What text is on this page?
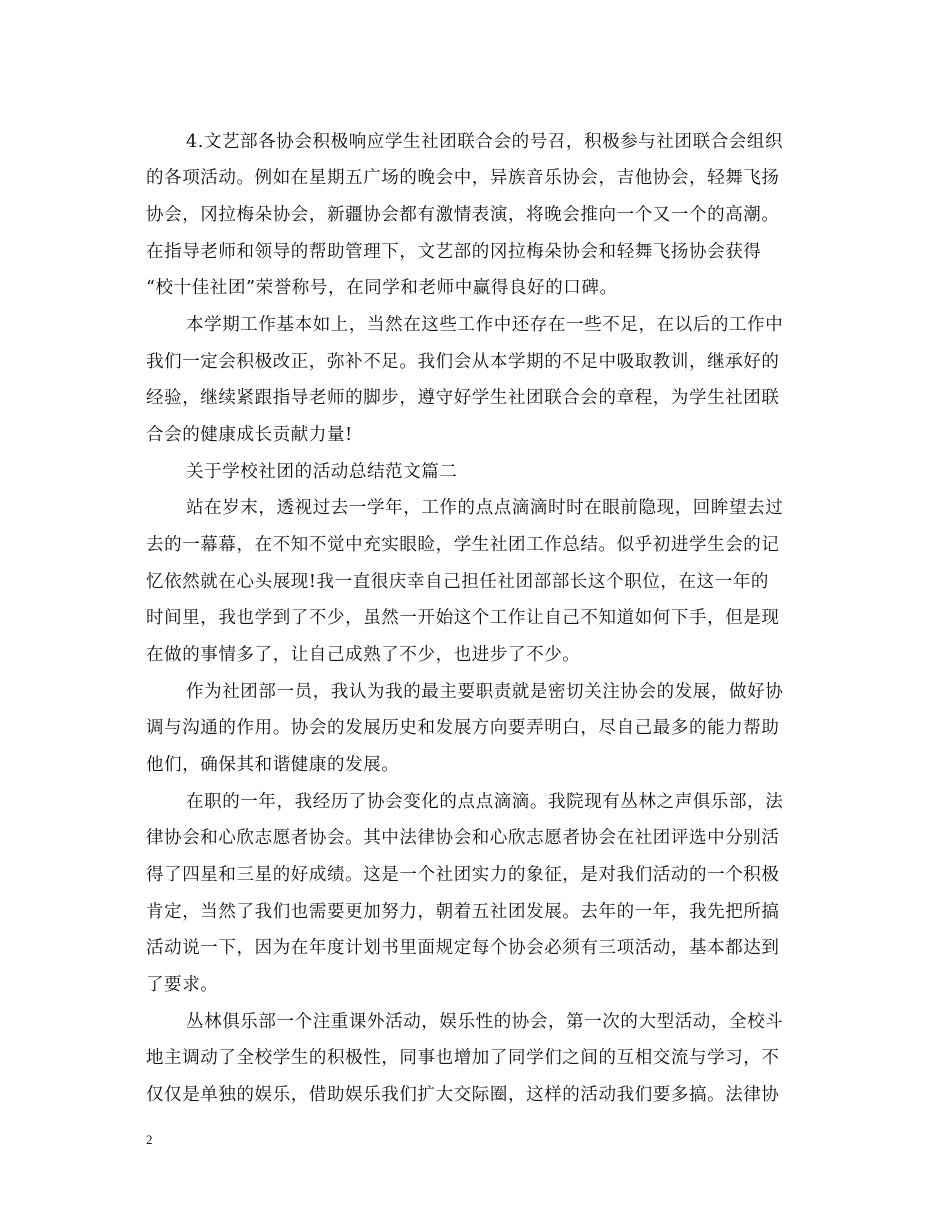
4.文艺部各协会积极响应学生社团联合会的号召，积极参与社团联合会组织
的各项活动。例如在星期五广场的晚会中，异族音乐协会，吉他协会，轻舞飞扬
协会，冈拉梅朵协会，新疆协会都有激情表演，将晚会推向一个又一个的高潮。
在指导老师和领导的帮助管理下，文艺部的冈拉梅朵协会和轻舞飞扬协会获得
“校十佳社团”荣誉称号，在同学和老师中赢得良好的口碑。
本学期工作基本如上，当然在这些工作中还存在一些不足，在以后的工作中
我们一定会积极改正，弥补不足。我们会从本学期的不足中吸取教训，继承好的
经验，继续紧跟指导老师的脚步，遵守好学生社团联合会的章程，为学生社团联
合会的健康成长贡献力量!
关于学校社团的活动总结范文篇二
站在岁末，透视过去一学年，工作的点点滴滴时时在眼前隐现，回眸望去过
去的一幕幕，在不知不觉中充实眼睑，学生社团工作总结。似乎初进学生会的记
忆依然就在心头展现!我一直很庆幸自己担任社团部部长这个职位，在这一年的
时间里，我也学到了不少，虽然一开始这个工作让自己不知道如何下手，但是现
在做的事情多了，让自己成熟了不少，也进步了不少。
作为社团部一员，我认为我的最主要职责就是密切关注协会的发展，做好协
调与沟通的作用。协会的发展历史和发展方向要弄明白，尽自己最多的能力帮助
他们，确保其和谐健康的发展。
在职的一年，我经历了协会变化的点点滴滴。我院现有丛林之声俱乐部，法
律协会和心欣志愿者协会。其中法律协会和心欣志愿者协会在社团评选中分别活
得了四星和三星的好成绩。这是一个社团实力的象征，是对我们活动的一个积极
肯定，当然了我们也需要更加努力，朝着五社团发展。去年的一年，我先把所搞
活动说一下，因为在年度计划书里面规定每个协会必须有三项活动，基本都达到
了要求。
丛林俱乐部一个注重课外活动，娱乐性的协会，第一次的大型活动，全校斗
地主调动了全校学生的积极性，同事也增加了同学们之间的互相交流与学习，不
仅仅是单独的娱乐，借助娱乐我们扩大交际圈，这样的活动我们要多搞。法律协
2
